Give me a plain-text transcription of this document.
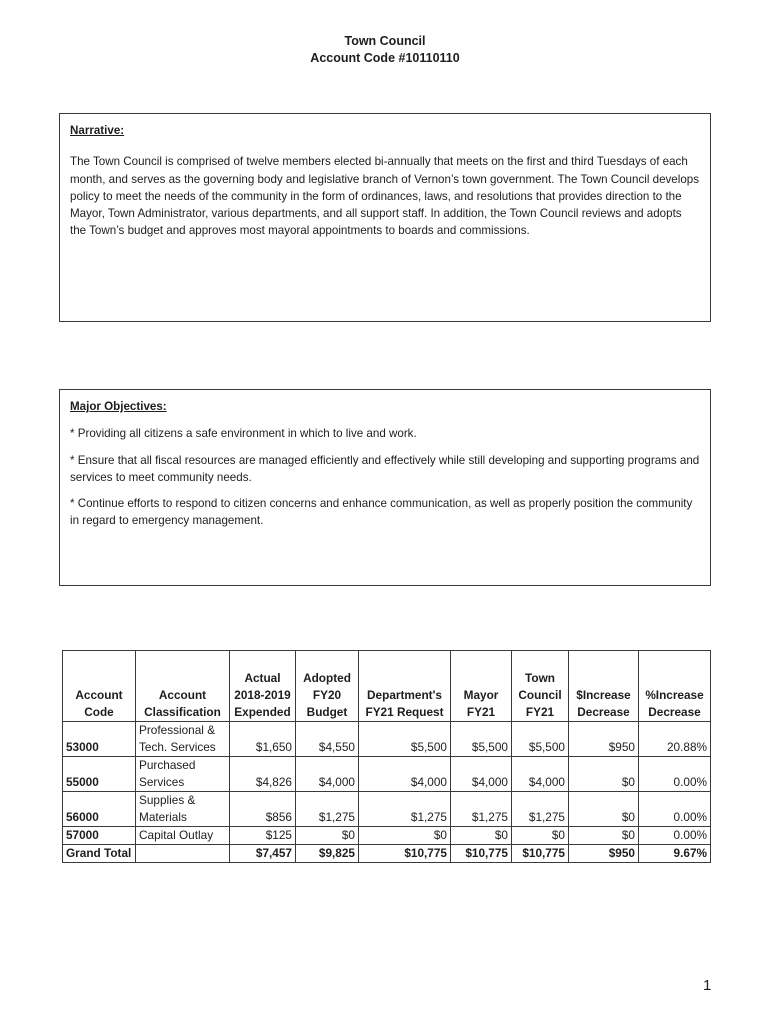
Town Council
Account Code #10110110
Narrative:
The Town Council is comprised of twelve members elected bi-annually that meets on the first and third Tuesdays of each month, and serves as the governing body and legislative branch of Vernon’s town government. The Town Council develops policy to meet the needs of the community in the form of ordinances, laws, and resolutions that provides direction to the Mayor, Town Administrator, various departments, and all support staff. In addition, the Town Council reviews and adopts the Town’s budget and approves most mayoral appointments to boards and commissions.
Major Objectives:
* Providing all citizens a safe environment in which to live and work.
* Ensure that all fiscal resources are managed efficiently and effectively while still developing and supporting programs and services to meet community needs.
* Continue efforts to respond to citizen concerns and enhance communication, as well as properly position the community in regard to emergency management.
Account Code	Account Classification	Actual 2018-2019 Expended	Adopted FY20 Budget	Department's FY21 Request	Mayor FY21	Town Council FY21	$Increase Decrease	%Increase Decrease
53000	Professional & Tech. Services	$1,650	$4,550	$5,500	$5,500	$5,500	$950	20.88%
55000	Purchased Services	$4,826	$4,000	$4,000	$4,000	$4,000	$0	0.00%
56000	Supplies & Materials	$856	$1,275	$1,275	$1,275	$1,275	$0	0.00%
57000	Capital Outlay	$125	$0	$0	$0	$0	$0	0.00%
Grand Total		$7,457	$9,825	$10,775	$10,775	$10,775	$950	9.67%
1
